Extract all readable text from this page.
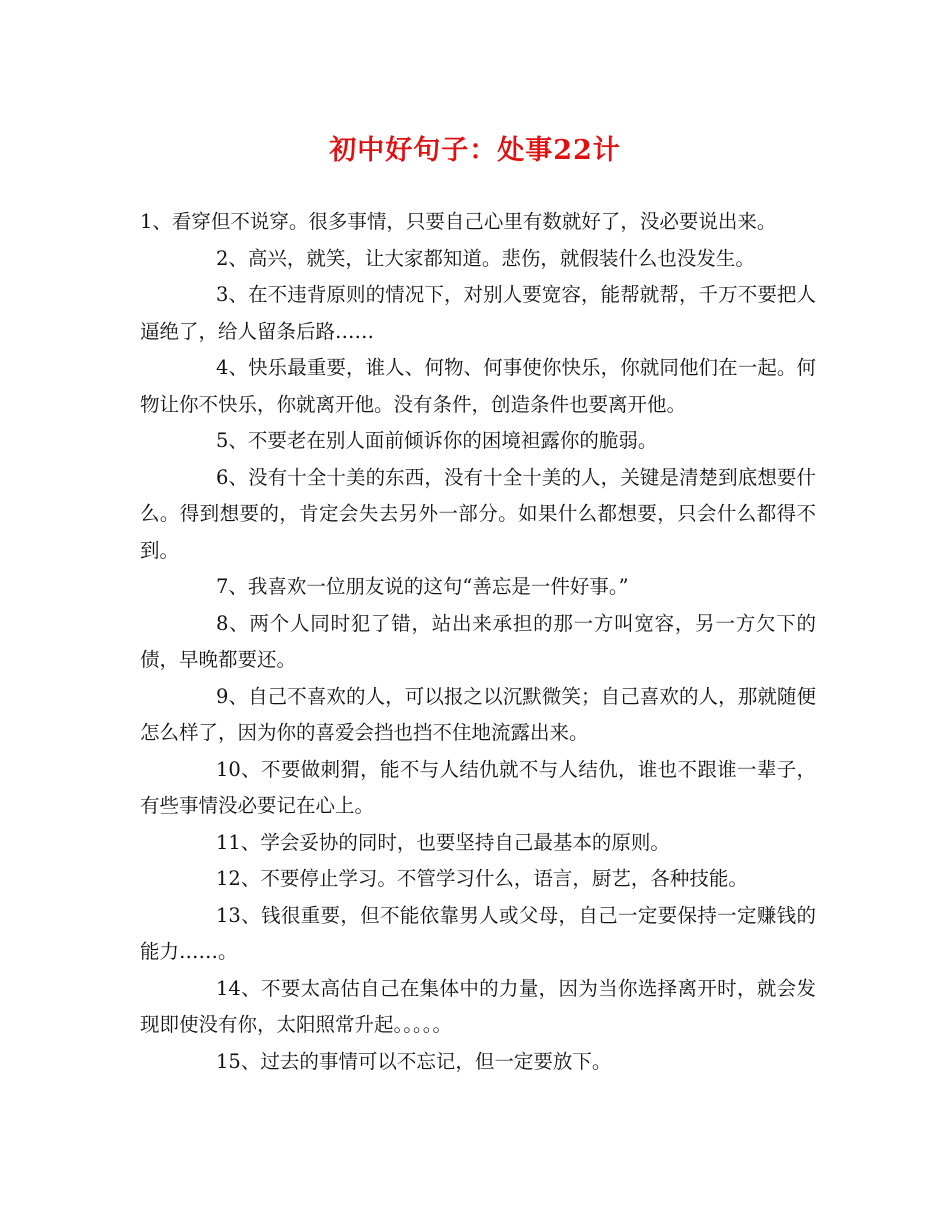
初中好句子：处事22计

1、看穿但不说穿。很多事情，只要自己心里有数就好了，没必要说出来。

2、高兴，就笑，让大家都知道。悲伤，就假装什么也没发生。

3、在不违背原则的情况下，对别人要宽容，能帮就帮，千万不要把人逼绝了，给人留条后路……

4、快乐最重要，谁人、何物、何事使你快乐，你就同他们在一起。何物让你不快乐，你就离开他。没有条件，创造条件也要离开他。

5、不要老在别人面前倾诉你的困境袒露你的脆弱。

6、没有十全十美的东西，没有十全十美的人，关键是清楚到底想要什么。得到想要的，肯定会失去另外一部分。如果什么都想要，只会什么都得不到。

7、我喜欢一位朋友说的这句“善忘是一件好事。”

8、两个人同时犯了错，站出来承担的那一方叫宽容，另一方欠下的债，早晚都要还。

9、自己不喜欢的人，可以报之以沉默微笑；自己喜欢的人，那就随便怎么样了，因为你的喜爱会挡也挡不住地流露出来。

10、不要做刺猬，能不与人结仇就不与人结仇，谁也不跟谁一辈子，有些事情没必要记在心上。

11、学会妥协的同时，也要坚持自己最基本的原则。

12、不要停止学习。不管学习什么，语言，厨艺，各种技能。

13、钱很重要，但不能依靠男人或父母，自己一定要保持一定赚钱的能力……。

14、不要太高估自己在集体中的力量，因为当你选择离开时，就会发现即使没有你，太阳照常升起。。。。。

15、过去的事情可以不忘记，但一定要放下。
